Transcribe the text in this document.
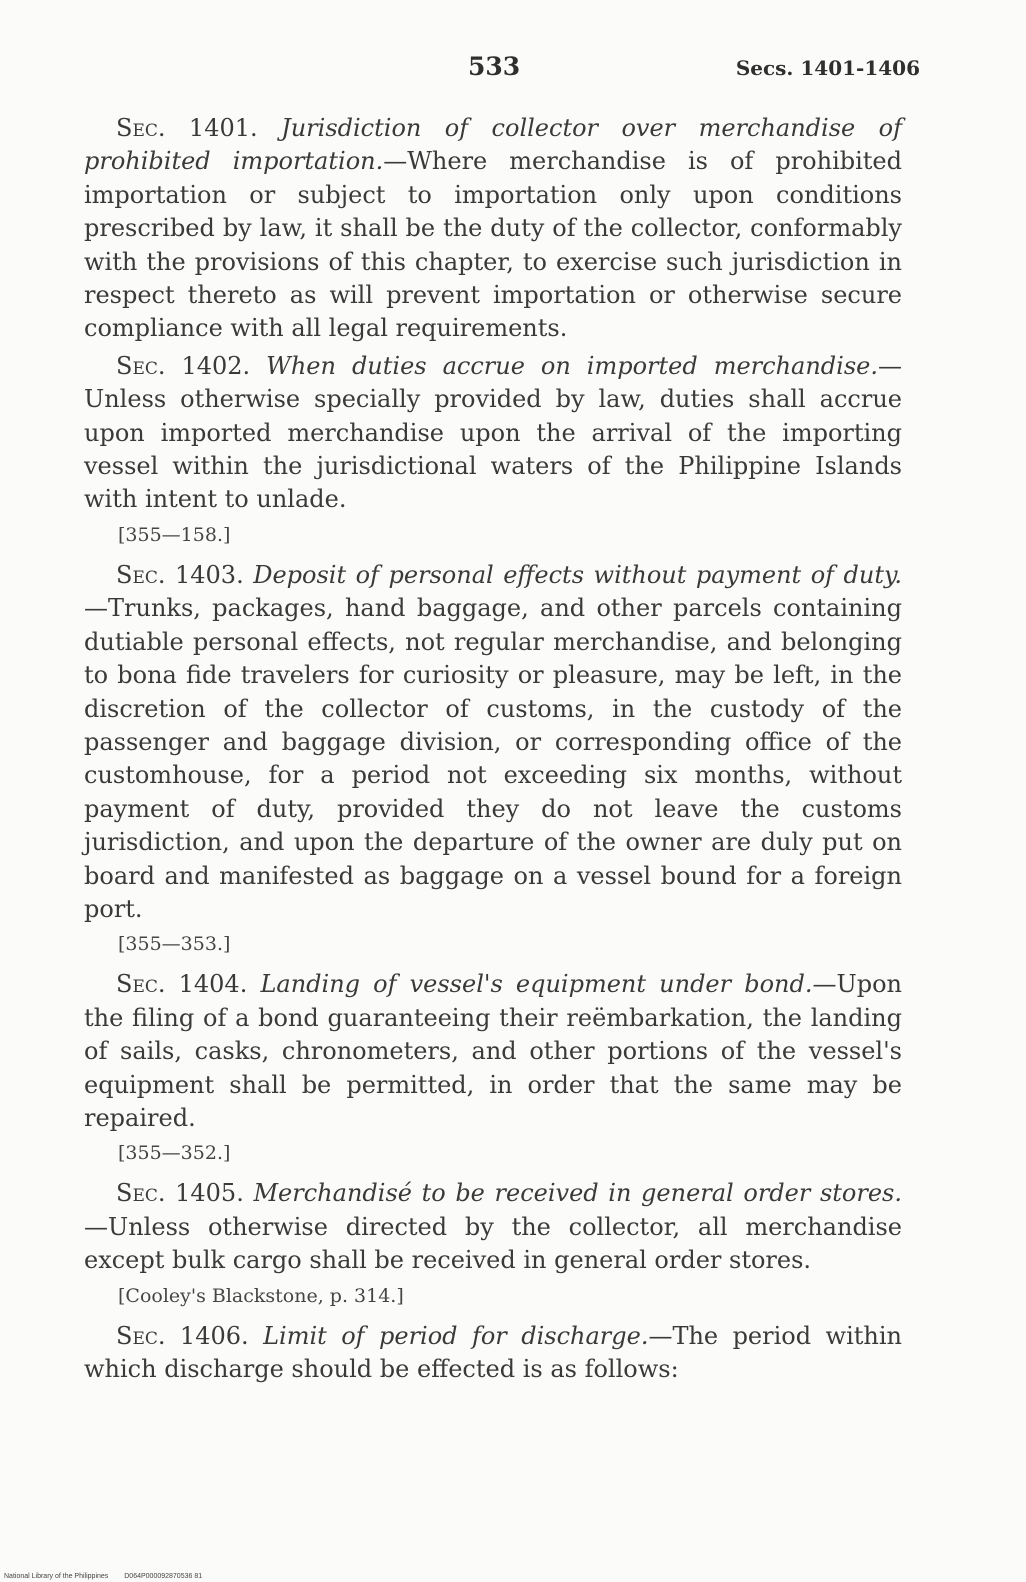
533	Secs. 1401-1406

Sec. 1401. Jurisdiction of collector over merchandise of prohibited importation.—Where merchandise is of prohibited importation or subject to importation only upon conditions prescribed by law, it shall be the duty of the collector, conformably with the provisions of this chapter, to exercise such jurisdiction in respect thereto as will prevent importation or otherwise secure compliance with all legal requirements.

Sec. 1402. When duties accrue on imported merchandise.—Unless otherwise specially provided by law, duties shall accrue upon imported merchandise upon the arrival of the importing vessel within the jurisdictional waters of the Philippine Islands with intent to unlade.

[355—158.]

Sec. 1403. Deposit of personal effects without payment of duty.—Trunks, packages, hand baggage, and other parcels containing dutiable personal effects, not regular merchandise, and belonging to bona fide travelers for curiosity or pleasure, may be left, in the discretion of the collector of customs, in the custody of the passenger and baggage division, or corresponding office of the customhouse, for a period not exceeding six months, without payment of duty, provided they do not leave the customs jurisdiction, and upon the departure of the owner are duly put on board and manifested as baggage on a vessel bound for a foreign port.

[355—353.]

Sec. 1404. Landing of vessel's equipment under bond.—Upon the filing of a bond guaranteeing their reëmbarkation, the landing of sails, casks, chronometers, and other portions of the vessel's equipment shall be permitted, in order that the same may be repaired.

[355—352.]

Sec. 1405. Merchandisé to be received in general order stores.—Unless otherwise directed by the collector, all merchandise except bulk cargo shall be received in general order stores.

[Cooley's Blackstone, p. 314.]

Sec. 1406. Limit of period for discharge.—The period within which discharge should be effected is as follows:

National Library of the Philippines D064P000092870536 81
